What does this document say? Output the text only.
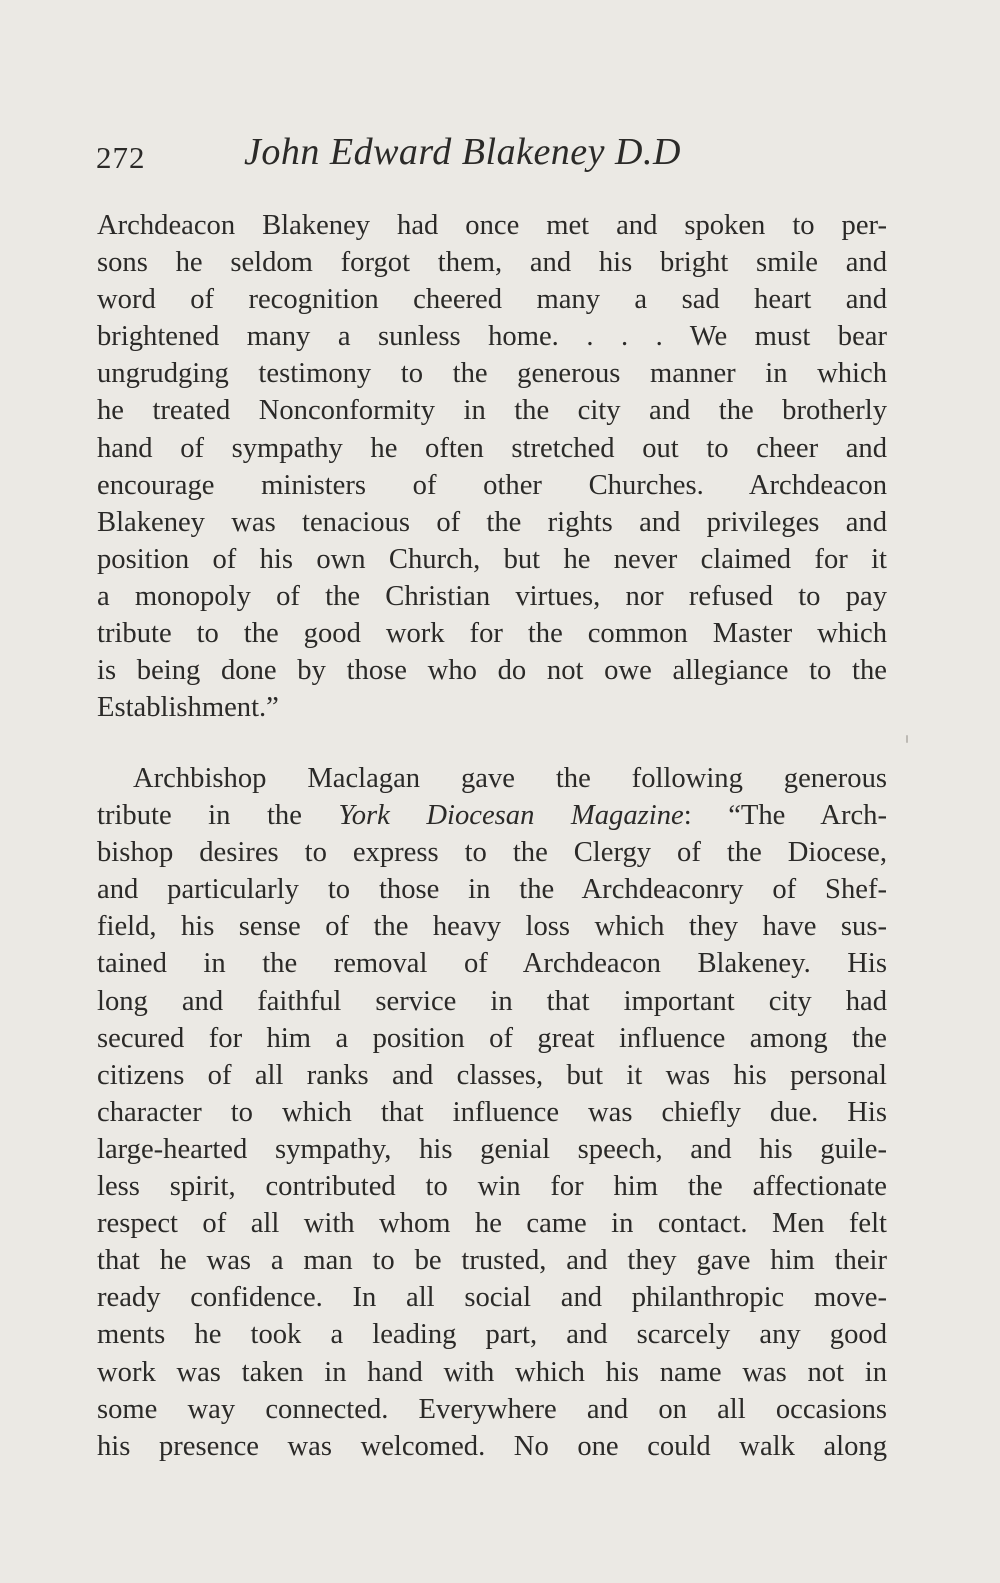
272	John Edward Blakeney D.D
Archdeacon Blakeney had once met and spoken to per-
sons he seldom forgot them, and his bright smile and
word of recognition cheered many a sad heart and
brightened many a sunless home. . . . We must bear
ungrudging testimony to the generous manner in which
he treated Nonconformity in the city and the brotherly
hand of sympathy he often stretched out to cheer and
encourage ministers of other Churches. Archdeacon
Blakeney was tenacious of the rights and privileges and
position of his own Church, but he never claimed for it
a monopoly of the Christian virtues, nor refused to pay
tribute to the good work for the common Master which
is being done by those who do not owe allegiance to the
Establishment.”
Archbishop Maclagan gave the following generous
tribute in the York Diocesan Magazine: “The Arch-
bishop desires to express to the Clergy of the Diocese,
and particularly to those in the Archdeaconry of Shef-
field, his sense of the heavy loss which they have sus-
tained in the removal of Archdeacon Blakeney. His
long and faithful service in that important city had
secured for him a position of great influence among the
citizens of all ranks and classes, but it was his personal
character to which that influence was chiefly due. His
large-hearted sympathy, his genial speech, and his guile-
less spirit, contributed to win for him the affectionate
respect of all with whom he came in contact. Men felt
that he was a man to be trusted, and they gave him their
ready confidence. In all social and philanthropic move-
ments he took a leading part, and scarcely any good
work was taken in hand with which his name was not in
some way connected. Everywhere and on all occasions
his presence was welcomed. No one could walk along
